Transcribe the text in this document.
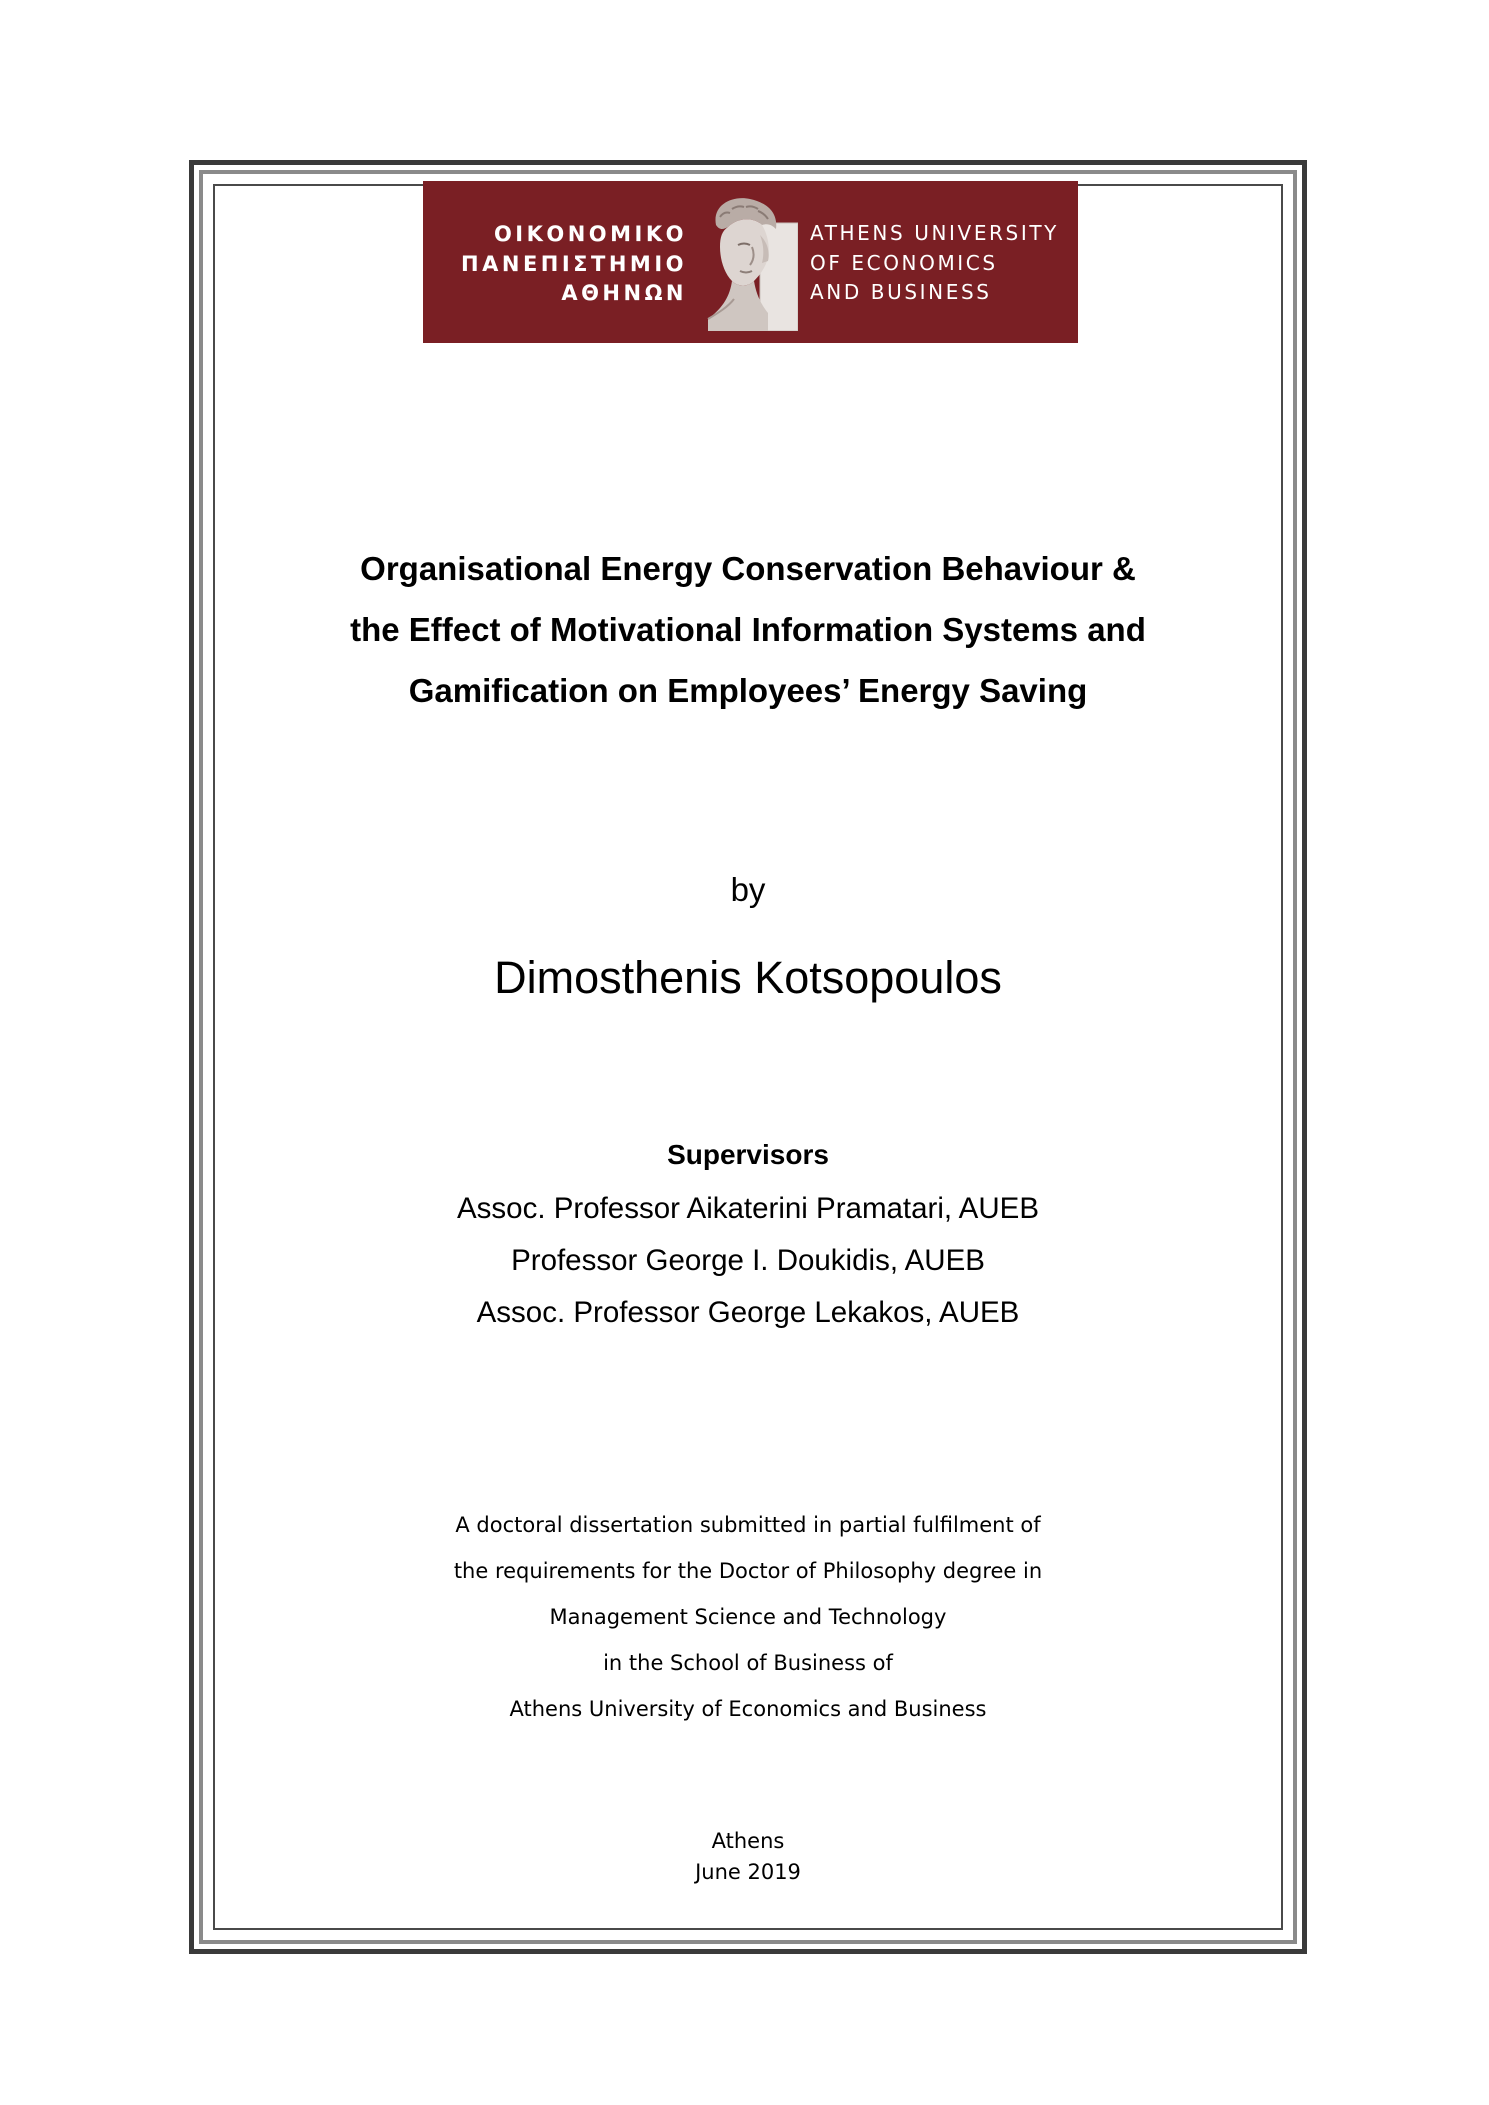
ΟΙΚΟΝΟΜΙΚΟ
ΠΑΝΕΠΙΣΤΗΜΙΟ
ΑΘΗΝΩΝ
ATHENS UNIVERSITY
OF ECONOMICS
AND BUSINESS
Organisational Energy Conservation Behaviour &
the Effect of Motivational Information Systems and
Gamification on Employees’ Energy Saving
by
Dimosthenis Kotsopoulos
Supervisors
Assoc. Professor Aikaterini Pramatari, AUEB
Professor George I. Doukidis, AUEB
Assoc. Professor George Lekakos, AUEB
A doctoral dissertation submitted in partial fulfilment of
the requirements for the Doctor of Philosophy degree in
Management Science and Technology
in the School of Business of
Athens University of Economics and Business
Athens
June 2019
